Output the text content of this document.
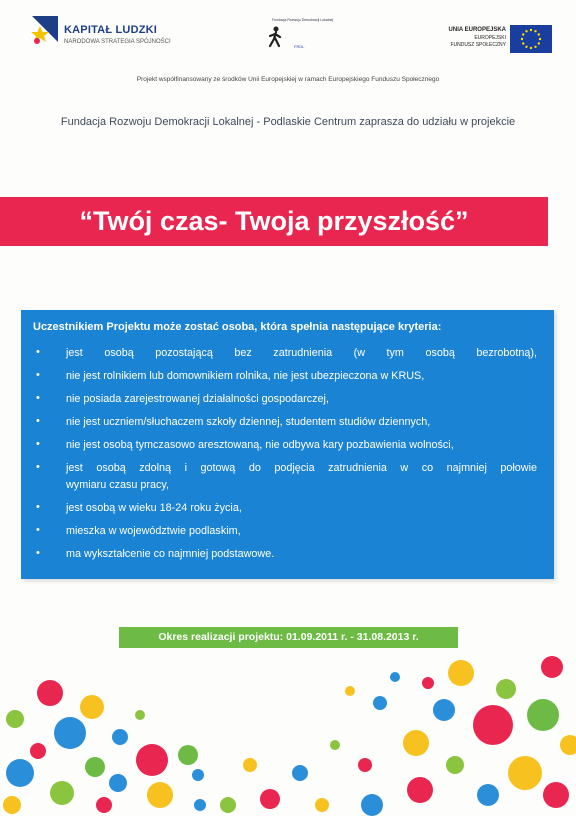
KAPITAŁ LUDZKI
NARODOWA STRATEGIA SPÓJNOŚCI
Fundacja Rozwoju Demokracji Lokalnej
FRDL
UNIA EUROPEJSKA
EUROPEJSKI
FUNDUSZ SPOŁECZNY
Projekt współfinansowany ze środków Unii Europejskiej w ramach Europejskiego Funduszu Społecznego
Fundacja Rozwoju Demokracji Lokalnej - Podlaskie Centrum zaprasza do udziału w projekcie
“Twój czas- Twoja przyszłość”
Uczestnikiem Projektu może zostać osoba, która spełnia następujące kryteria:
• jest osobą pozostającą bez zatrudnienia (w tym osobą bezrobotną),
• nie jest rolnikiem lub domownikiem rolnika, nie jest ubezpieczona w KRUS,
• nie posiada zarejestrowanej działalności gospodarczej,
• nie jest uczniem/słuchaczem szkoły dziennej, studentem studiów dziennych,
• nie jest osobą tymczasowo aresztowaną, nie odbywa kary pozbawienia wolności,
• jest osobą zdolną i gotową do podjęcia zatrudnienia w co najmniej połowie
wymiaru czasu pracy,
• jest osobą w wieku 18-24 roku życia,
• mieszka w województwie podlaskim,
• ma wykształcenie co najmniej podstawowe.
Okres realizacji projektu: 01.09.2011 r. - 31.08.2013 r.
